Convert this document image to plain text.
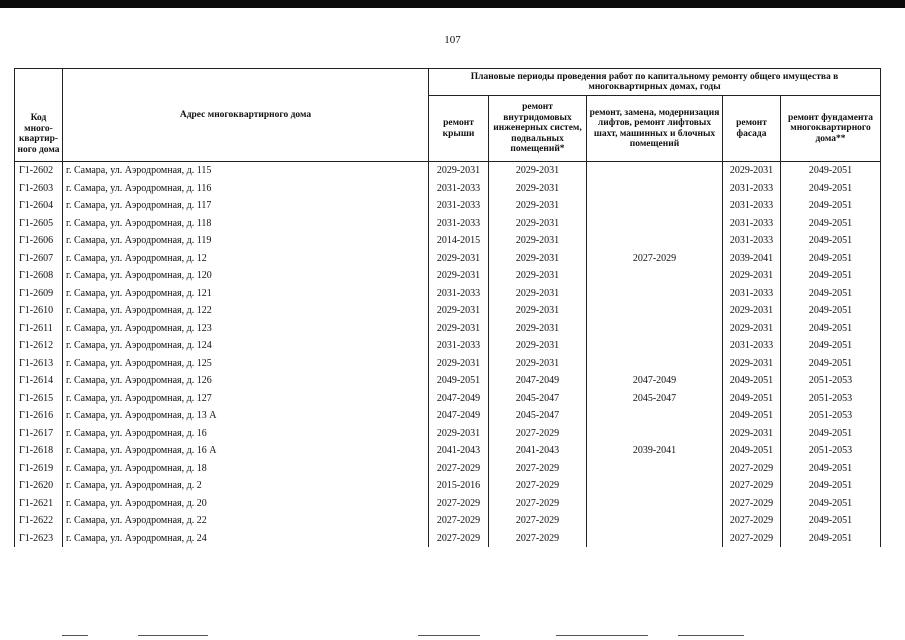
107
Код много-квартир-ного дома	Адрес многоквартирного дома	Плановые периоды проведения работ по капитальному ремонту общего имущества в многоквартирных домах, годы				
		ремонт крыши	ремонт внутридомовых инженерных систем, подвальных помещений*	ремонт, замена, модернизация лифтов, ремонт лифтовых шахт, машинных и блочных помещений	ремонт фасада	ремонт фундамента многоквартирного дома**
Г1-2602	г. Самара, ул. Аэродромная, д. 115	2029-2031	2029-2031		2029-2031	2049-2051
Г1-2603	г. Самара, ул. Аэродромная, д. 116	2031-2033	2029-2031		2031-2033	2049-2051
Г1-2604	г. Самара, ул. Аэродромная, д. 117	2031-2033	2029-2031		2031-2033	2049-2051
Г1-2605	г. Самара, ул. Аэродромная, д. 118	2031-2033	2029-2031		2031-2033	2049-2051
Г1-2606	г. Самара, ул. Аэродромная, д. 119	2014-2015	2029-2031		2031-2033	2049-2051
Г1-2607	г. Самара, ул. Аэродромная, д. 12	2029-2031	2029-2031	2027-2029	2039-2041	2049-2051
Г1-2608	г. Самара, ул. Аэродромная, д. 120	2029-2031	2029-2031		2029-2031	2049-2051
Г1-2609	г. Самара, ул. Аэродромная, д. 121	2031-2033	2029-2031		2031-2033	2049-2051
Г1-2610	г. Самара, ул. Аэродромная, д. 122	2029-2031	2029-2031		2029-2031	2049-2051
Г1-2611	г. Самара, ул. Аэродромная, д. 123	2029-2031	2029-2031		2029-2031	2049-2051
Г1-2612	г. Самара, ул. Аэродромная, д. 124	2031-2033	2029-2031		2031-2033	2049-2051
Г1-2613	г. Самара, ул. Аэродромная, д. 125	2029-2031	2029-2031		2029-2031	2049-2051
Г1-2614	г. Самара, ул. Аэродромная, д. 126	2049-2051	2047-2049	2047-2049	2049-2051	2051-2053
Г1-2615	г. Самара, ул. Аэродромная, д. 127	2047-2049	2045-2047	2045-2047	2049-2051	2051-2053
Г1-2616	г. Самара, ул. Аэродромная, д. 13 А	2047-2049	2045-2047		2049-2051	2051-2053
Г1-2617	г. Самара, ул. Аэродромная, д. 16	2029-2031	2027-2029		2029-2031	2049-2051
Г1-2618	г. Самара, ул. Аэродромная, д. 16 А	2041-2043	2041-2043	2039-2041	2049-2051	2051-2053
Г1-2619	г. Самара, ул. Аэродромная, д. 18	2027-2029	2027-2029		2027-2029	2049-2051
Г1-2620	г. Самара, ул. Аэродромная, д. 2	2015-2016	2027-2029		2027-2029	2049-2051
Г1-2621	г. Самара, ул. Аэродромная, д. 20	2027-2029	2027-2029		2027-2029	2049-2051
Г1-2622	г. Самара, ул. Аэродромная, д. 22	2027-2029	2027-2029		2027-2029	2049-2051
Г1-2623	г. Самара, ул. Аэродромная, д. 24	2027-2029	2027-2029		2027-2029	2049-2051
